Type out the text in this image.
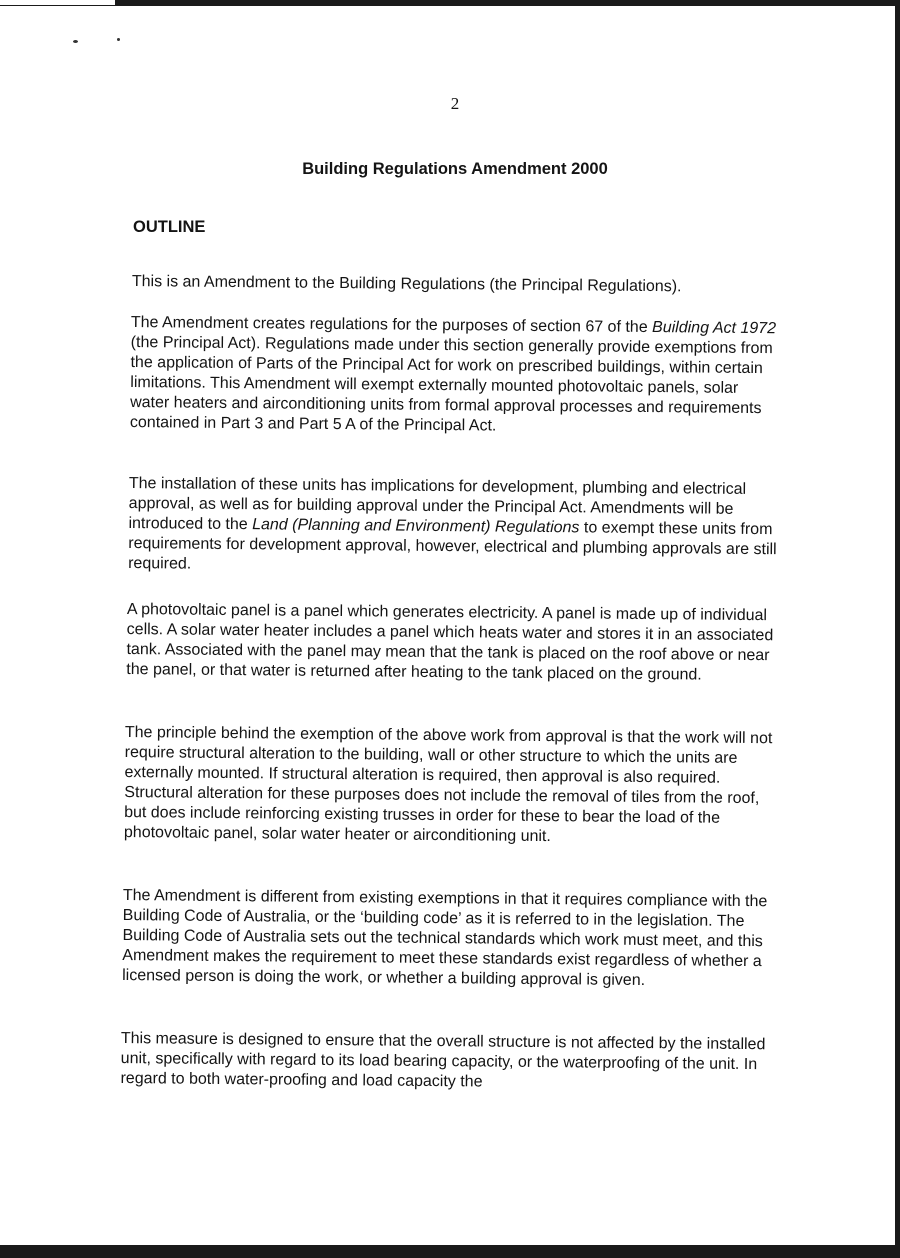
2
Building Regulations Amendment 2000
OUTLINE
This is an Amendment to the Building Regulations (the Principal Regulations).
The Amendment creates regulations for the purposes of section 67 of the Building Act 1972 (the Principal Act). Regulations made under this section generally provide exemptions from the application of Parts of the Principal Act for work on prescribed buildings, within certain limitations. This Amendment will exempt externally mounted photovoltaic panels, solar water heaters and airconditioning units from formal approval processes and requirements contained in Part 3 and Part 5 A of the Principal Act.
The installation of these units has implications for development, plumbing and electrical approval, as well as for building approval under the Principal Act. Amendments will be introduced to the Land (Planning and Environment) Regulations to exempt these units from requirements for development approval, however, electrical and plumbing approvals are still required.
A photovoltaic panel is a panel which generates electricity. A panel is made up of individual cells. A solar water heater includes a panel which heats water and stores it in an associated tank. Associated with the panel may mean that the tank is placed on the roof above or near the panel, or that water is returned after heating to the tank placed on the ground.
The principle behind the exemption of the above work from approval is that the work will not require structural alteration to the building, wall or other structure to which the units are externally mounted. If structural alteration is required, then approval is also required. Structural alteration for these purposes does not include the removal of tiles from the roof, but does include reinforcing existing trusses in order for these to bear the load of the photovoltaic panel, solar water heater or airconditioning unit.
The Amendment is different from existing exemptions in that it requires compliance with the Building Code of Australia, or the ‘building code’ as it is referred to in the legislation. The Building Code of Australia sets out the technical standards which work must meet, and this Amendment makes the requirement to meet these standards exist regardless of whether a licensed person is doing the work, or whether a building approval is given.
This measure is designed to ensure that the overall structure is not affected by the installed unit, specifically with regard to its load bearing capacity, or the waterproofing of the unit. In regard to both water-proofing and load capacity the
